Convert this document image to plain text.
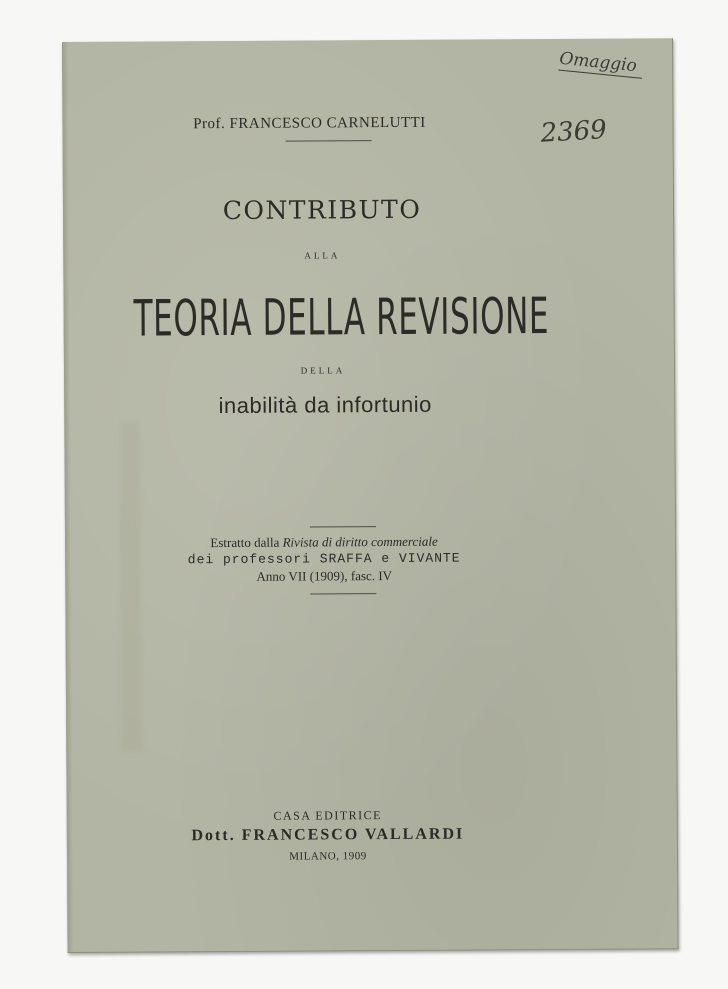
Omaggio
2369
Prof. FRANCESCO CARNELUTTI
CONTRIBUTO
ALLA
TEORIA DELLA REVISIONE
DELLA
inabilità da infortunio
Estratto dalla Rivista di diritto commerciale
dei professori SRAFFA e VIVANTE
Anno VII (1909), fasc. IV
CASA EDITRICE
Dott. FRANCESCO VALLARDI
MILANO, 1909
